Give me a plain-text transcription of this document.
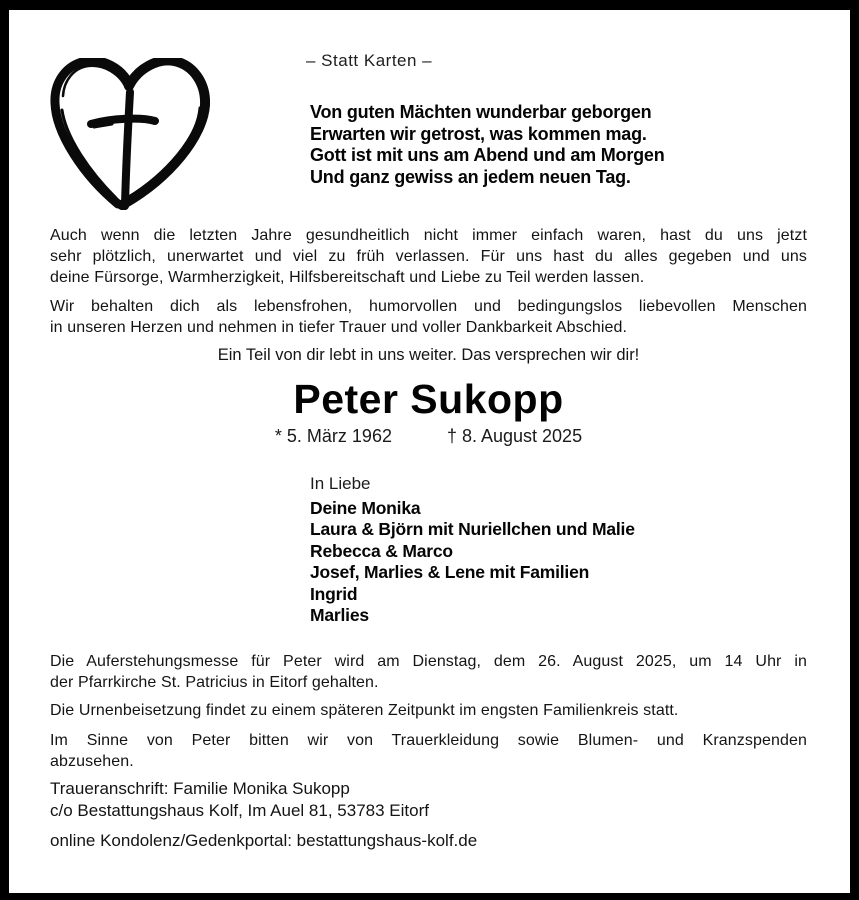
– Statt Karten –
Von guten Mächten wunderbar geborgen
Erwarten wir getrost, was kommen mag.
Gott ist mit uns am Abend und am Morgen
Und ganz gewiss an jedem neuen Tag.
Auch wenn die letzten Jahre gesundheitlich nicht immer einfach waren, hast du uns jetzt
sehr plötzlich, unerwartet und viel zu früh verlassen. Für uns hast du alles gegeben und uns
deine Fürsorge, Warmherzigkeit, Hilfsbereitschaft und Liebe zu Teil werden lassen.
Wir behalten dich als lebensfrohen, humorvollen und bedingungslos liebevollen Menschen
in unseren Herzen und nehmen in tiefer Trauer und voller Dankbarkeit Abschied.
Ein Teil von dir lebt in uns weiter. Das versprechen wir dir!
Peter Sukopp
* 5. März 1962	† 8. August 2025
In Liebe
Deine Monika
Laura & Björn mit Nuriellchen und Malie
Rebecca & Marco
Josef, Marlies & Lene mit Familien
Ingrid
Marlies
Die Auferstehungsmesse für Peter wird am Dienstag, dem 26. August 2025, um 14 Uhr in
der Pfarrkirche St. Patricius in Eitorf gehalten.
Die Urnenbeisetzung findet zu einem späteren Zeitpunkt im engsten Familienkreis statt.
Im Sinne von Peter bitten wir von Trauerkleidung sowie Blumen- und Kranzspenden
abzusehen.
Traueranschrift: Familie Monika Sukopp
c/o Bestattungshaus Kolf, Im Auel 81, 53783 Eitorf
online Kondolenz/Gedenkportal: bestattungshaus-kolf.de
